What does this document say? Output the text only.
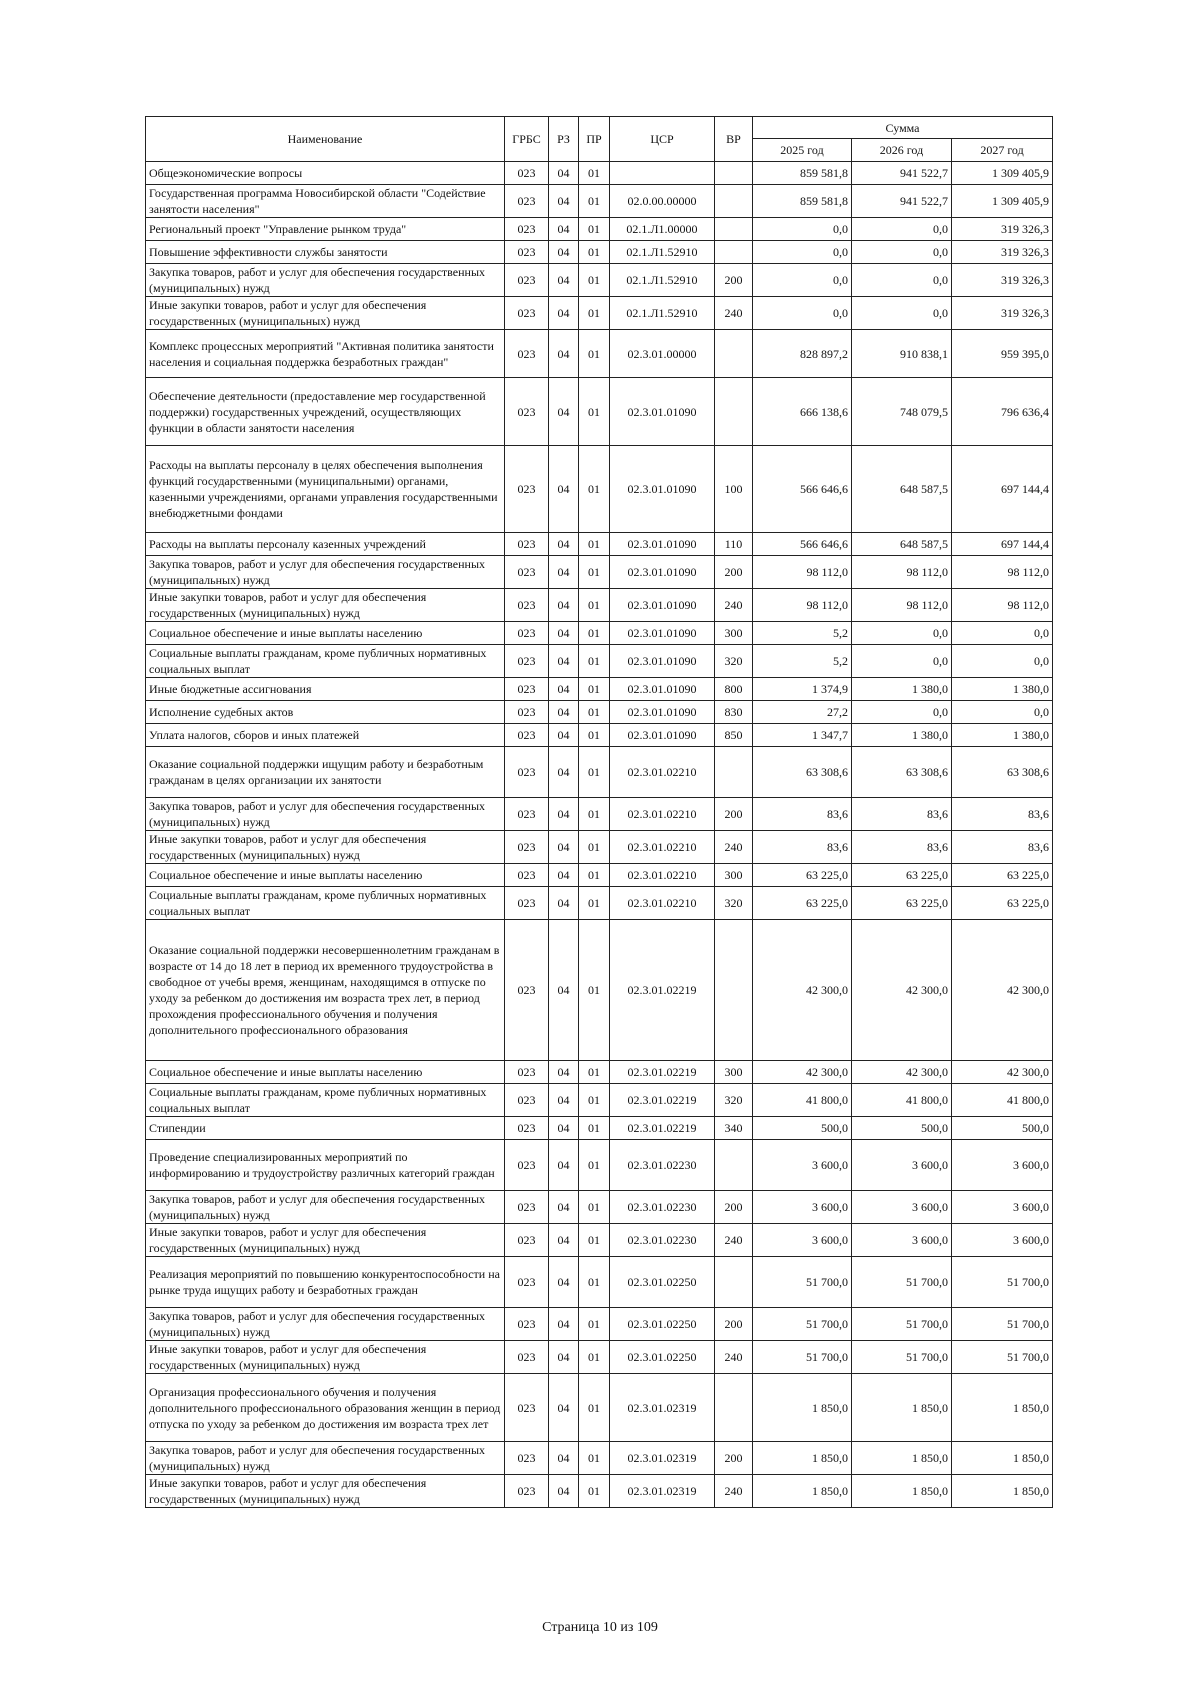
Наименование	ГРБС	РЗ	ПР	ЦСР	ВР	Сумма		
						2025 год	2026 год	2027 год
Общеэкономические вопросы	023	04	01			859 581,8	941 522,7	1 309 405,9
Государственная программа Новосибирской области "Содействие занятости населения"	023	04	01	02.0.00.00000		859 581,8	941 522,7	1 309 405,9
Региональный проект "Управление рынком труда"	023	04	01	02.1.Л1.00000		0,0	0,0	319 326,3
Повышение эффективности службы занятости	023	04	01	02.1.Л1.52910		0,0	0,0	319 326,3
Закупка товаров, работ и услуг для обеспечения государственных (муниципальных) нужд	023	04	01	02.1.Л1.52910	200	0,0	0,0	319 326,3
Иные закупки товаров, работ и услуг для обеспечения государственных (муниципальных) нужд	023	04	01	02.1.Л1.52910	240	0,0	0,0	319 326,3
Комплекс процессных мероприятий "Активная политика занятости населения и социальная поддержка безработных граждан"	023	04	01	02.3.01.00000		828 897,2	910 838,1	959 395,0
Обеспечение деятельности (предоставление мер государственной поддержки) государственных учреждений, осуществляющих функции в области занятости населения	023	04	01	02.3.01.01090		666 138,6	748 079,5	796 636,4
Расходы на выплаты персоналу в целях обеспечения выполнения функций государственными (муниципальными) органами, казенными учреждениями, органами управления государственными внебюджетными фондами	023	04	01	02.3.01.01090	100	566 646,6	648 587,5	697 144,4
Расходы на выплаты персоналу казенных учреждений	023	04	01	02.3.01.01090	110	566 646,6	648 587,5	697 144,4
Закупка товаров, работ и услуг для обеспечения государственных (муниципальных) нужд	023	04	01	02.3.01.01090	200	98 112,0	98 112,0	98 112,0
Иные закупки товаров, работ и услуг для обеспечения государственных (муниципальных) нужд	023	04	01	02.3.01.01090	240	98 112,0	98 112,0	98 112,0
Социальное обеспечение и иные выплаты населению	023	04	01	02.3.01.01090	300	5,2	0,0	0,0
Социальные выплаты гражданам, кроме публичных нормативных социальных выплат	023	04	01	02.3.01.01090	320	5,2	0,0	0,0
Иные бюджетные ассигнования	023	04	01	02.3.01.01090	800	1 374,9	1 380,0	1 380,0
Исполнение судебных актов	023	04	01	02.3.01.01090	830	27,2	0,0	0,0
Уплата налогов, сборов и иных платежей	023	04	01	02.3.01.01090	850	1 347,7	1 380,0	1 380,0
Оказание социальной поддержки ищущим работу и безработным гражданам в целях организации их занятости	023	04	01	02.3.01.02210		63 308,6	63 308,6	63 308,6
Закупка товаров, работ и услуг для обеспечения государственных (муниципальных) нужд	023	04	01	02.3.01.02210	200	83,6	83,6	83,6
Иные закупки товаров, работ и услуг для обеспечения государственных (муниципальных) нужд	023	04	01	02.3.01.02210	240	83,6	83,6	83,6
Социальное обеспечение и иные выплаты населению	023	04	01	02.3.01.02210	300	63 225,0	63 225,0	63 225,0
Социальные выплаты гражданам, кроме публичных нормативных социальных выплат	023	04	01	02.3.01.02210	320	63 225,0	63 225,0	63 225,0
Оказание социальной поддержки несовершеннолетним гражданам в возрасте от 14 до 18 лет в период их временного трудоустройства в свободное от учебы время, женщинам, находящимся в отпуске по уходу за ребенком до достижения им возраста трех лет, в период прохождения профессионального обучения и получения дополнительного профессионального образования	023	04	01	02.3.01.02219		42 300,0	42 300,0	42 300,0
Социальное обеспечение и иные выплаты населению	023	04	01	02.3.01.02219	300	42 300,0	42 300,0	42 300,0
Социальные выплаты гражданам, кроме публичных нормативных социальных выплат	023	04	01	02.3.01.02219	320	41 800,0	41 800,0	41 800,0
Стипендии	023	04	01	02.3.01.02219	340	500,0	500,0	500,0
Проведение специализированных мероприятий по информированию и трудоустройству различных категорий граждан	023	04	01	02.3.01.02230		3 600,0	3 600,0	3 600,0
Закупка товаров, работ и услуг для обеспечения государственных (муниципальных) нужд	023	04	01	02.3.01.02230	200	3 600,0	3 600,0	3 600,0
Иные закупки товаров, работ и услуг для обеспечения государственных (муниципальных) нужд	023	04	01	02.3.01.02230	240	3 600,0	3 600,0	3 600,0
Реализация мероприятий по повышению конкурентоспособности на рынке труда ищущих работу и безработных граждан	023	04	01	02.3.01.02250		51 700,0	51 700,0	51 700,0
Закупка товаров, работ и услуг для обеспечения государственных (муниципальных) нужд	023	04	01	02.3.01.02250	200	51 700,0	51 700,0	51 700,0
Иные закупки товаров, работ и услуг для обеспечения государственных (муниципальных) нужд	023	04	01	02.3.01.02250	240	51 700,0	51 700,0	51 700,0
Организация профессионального обучения и получения дополнительного профессионального образования женщин в период отпуска по уходу за ребенком до достижения им возраста трех лет	023	04	01	02.3.01.02319		1 850,0	1 850,0	1 850,0
Закупка товаров, работ и услуг для обеспечения государственных (муниципальных) нужд	023	04	01	02.3.01.02319	200	1 850,0	1 850,0	1 850,0
Иные закупки товаров, работ и услуг для обеспечения государственных (муниципальных) нужд	023	04	01	02.3.01.02319	240	1 850,0	1 850,0	1 850,0
Страница 10 из 109
